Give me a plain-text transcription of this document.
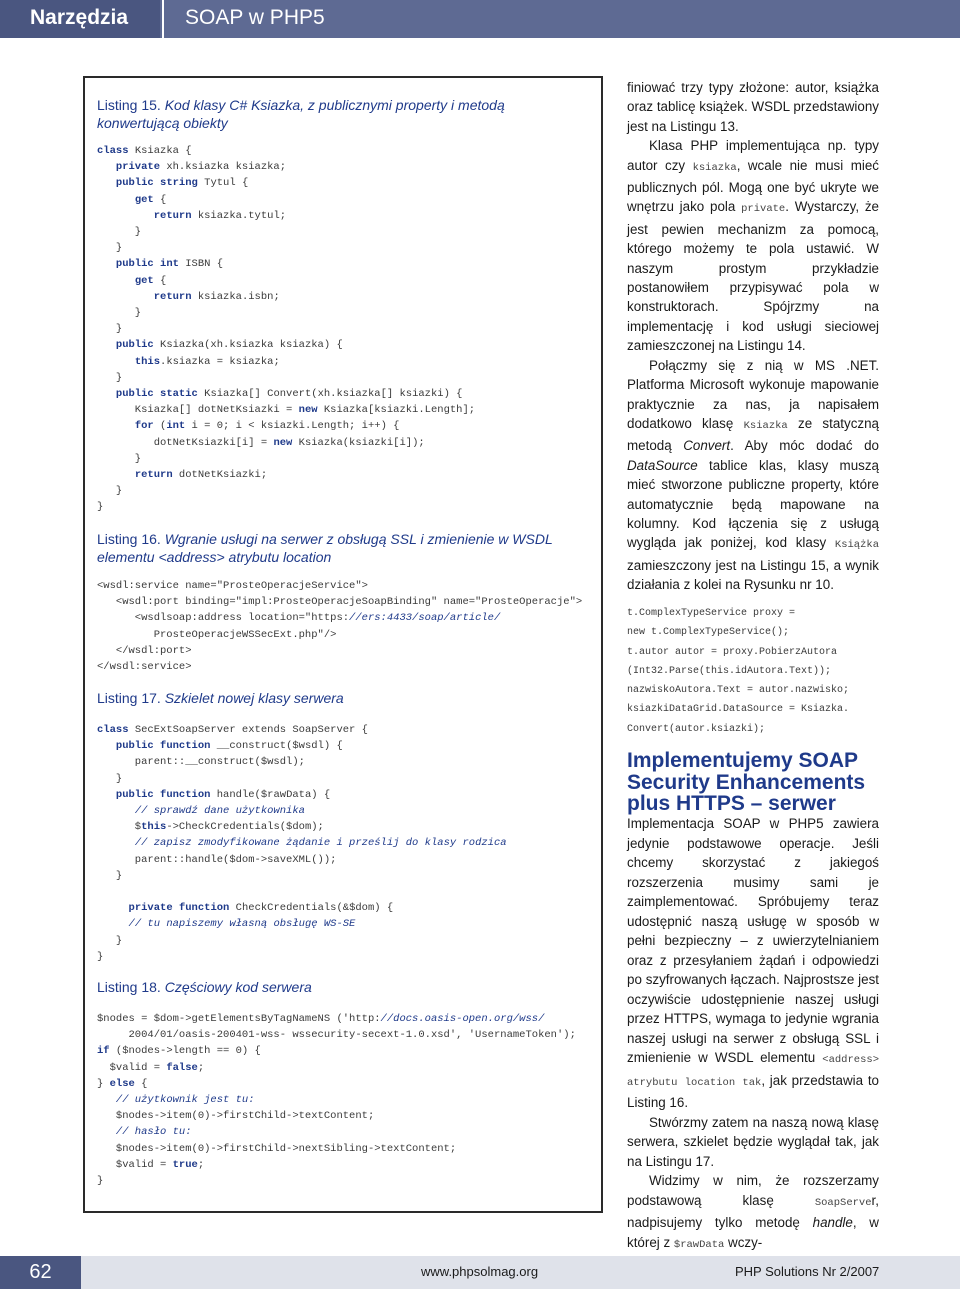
Narzędzia	SOAP w PHP5
Listing 15. Kod klasy C# Ksiazka, z publicznymi property i metodą konwertującą obiekty
class Ksiazka {
private xh.ksiazka ksiazka;
public string Tytul {
get {
return ksiazka.tytul;
}
}
public int ISBN {
get {
return ksiazka.isbn;
}
}
public Ksiazka(xh.ksiazka ksiazka) {
this.ksiazka = ksiazka;
}
public static Ksiazka[] Convert(xh.ksiazka[] ksiazki) {
Ksiazka[] dotNetKsiazki = new Ksiazka[ksiazki.Length];
for (int i = 0; i < ksiazki.Length; i++) {
dotNetKsiazki[i] = new Ksiazka(ksiazki[i]);
}
return dotNetKsiazki;
}
}
Listing 16. Wgranie usługi na serwer z obsługą SSL i zmienienie w WSDL elementu <address> atrybutu location
<wsdl:service name="ProsteOperacjeService">
<wsdl:port binding="impl:ProsteOperacjeSoapBinding" name="ProsteOperacje">
<wsdlsoap:address location="https://ers:4433/soap/article/
ProsteOperacjeWSSecExt.php"/>
</wsdl:port>
</wsdl:service>
Listing 17. Szkielet nowej klasy serwera
class SecExtSoapServer extends SoapServer {
public function __construct($wsdl) {
parent::__construct($wsdl);
}
public function handle($rawData) {
// sprawdź dane użytkownika
$this->CheckCredentials($dom);
// zapisz zmodyfikowane żądanie i prześlij do klasy rodzica
parent::handle($dom->saveXML());
}

private function CheckCredentials(&$dom) {
// tu napiszemy własną obsługę WS-SE
}
}
Listing 18. Częściowy kod serwera
$nodes = $dom->getElementsByTagNameNS ('http://docs.oasis-open.org/wss/
2004/01/oasis-200401-wss- wssecurity-secext-1.0.xsd', 'UsernameToken');
if ($nodes->length == 0) {
$valid = false;
} else {
// użytkownik jest tu:
$nodes->item(0)->firstChild->textContent;
// hasło tu:
$nodes->item(0)->firstChild->nextSibling->textContent;
$valid = true;
}

finiować trzy typy złożone: autor, książka oraz tablicę książek. WSDL przedstawiony jest na Listingu 13.

Klasa PHP implementująca np. typy autor czy ksiazka, wcale nie musi mieć publicznych pól. Mogą one być ukryte we wnętrzu jako pola private. Wystarczy, że jest pewien mechanizm za pomocą, którego możemy te pola ustawić. W naszym prostym przykładzie postanowiłem przypisywać pola w konstruktorach. Spójrzmy na implementację i kod usługi sieciowej zamieszczonej na Listingu 14.

Połączmy się z nią w MS .NET. Platforma Microsoft wykonuje mapowanie praktycznie za nas, ja napisałem dodatkowo klasę Ksiazka ze statyczną metodą Convert. Aby móc dodać do DataSource tablice klas, klasy muszą mieć stworzone publiczne property, które automatycznie będą mapowane na kolumny. Kod łączenia się z usługą wygląda jak poniżej, kod klasy Książka zamieszczony jest na Listingu 15, a wynik działania z kolei na Rysunku nr 10.

t.ComplexTypeService proxy =
new t.ComplexTypeService();
t.autor autor = proxy.PobierzAutora
(Int32.Parse(this.idAutora.Text));
nazwiskoAutora.Text = autor.nazwisko;
ksiazkiDataGrid.DataSource = Ksiazka.
Convert(autor.ksiazki);
Implementujemy SOAP Security Enhancements plus HTTPS – serwer

Implementacja SOAP w PHP5 zawiera jedynie podstawowe operacje. Jeśli chcemy skorzystać z jakiegoś rozszerzenia musimy sami je zaimplementować. Spróbujemy teraz udostępnić naszą usługę w sposób w pełni bezpieczny – z uwierzytelnianiem oraz z przesyłaniem żądań i odpowiedzi po szyfrowanych łączach. Najprostsze jest oczywiście udostępnienie naszej usługi przez HTTPS, wymaga to jedynie wgrania naszej usługi na serwer z obsługą SSL i zmienienie w WSDL elementu <address> atrybutu location tak, jak przedstawia to Listing 16.

Stwórzmy zatem na naszą nową klasę serwera, szkielet będzie wyglądał tak, jak na Listingu 17.

Widzimy w nim, że rozszerzamy podstawową klasę SoapServer, nadpisujemy tylko metodę handle, w której z $rawData wczy-

62	www.phpsolmag.org	PHP Solutions Nr 2/2007
